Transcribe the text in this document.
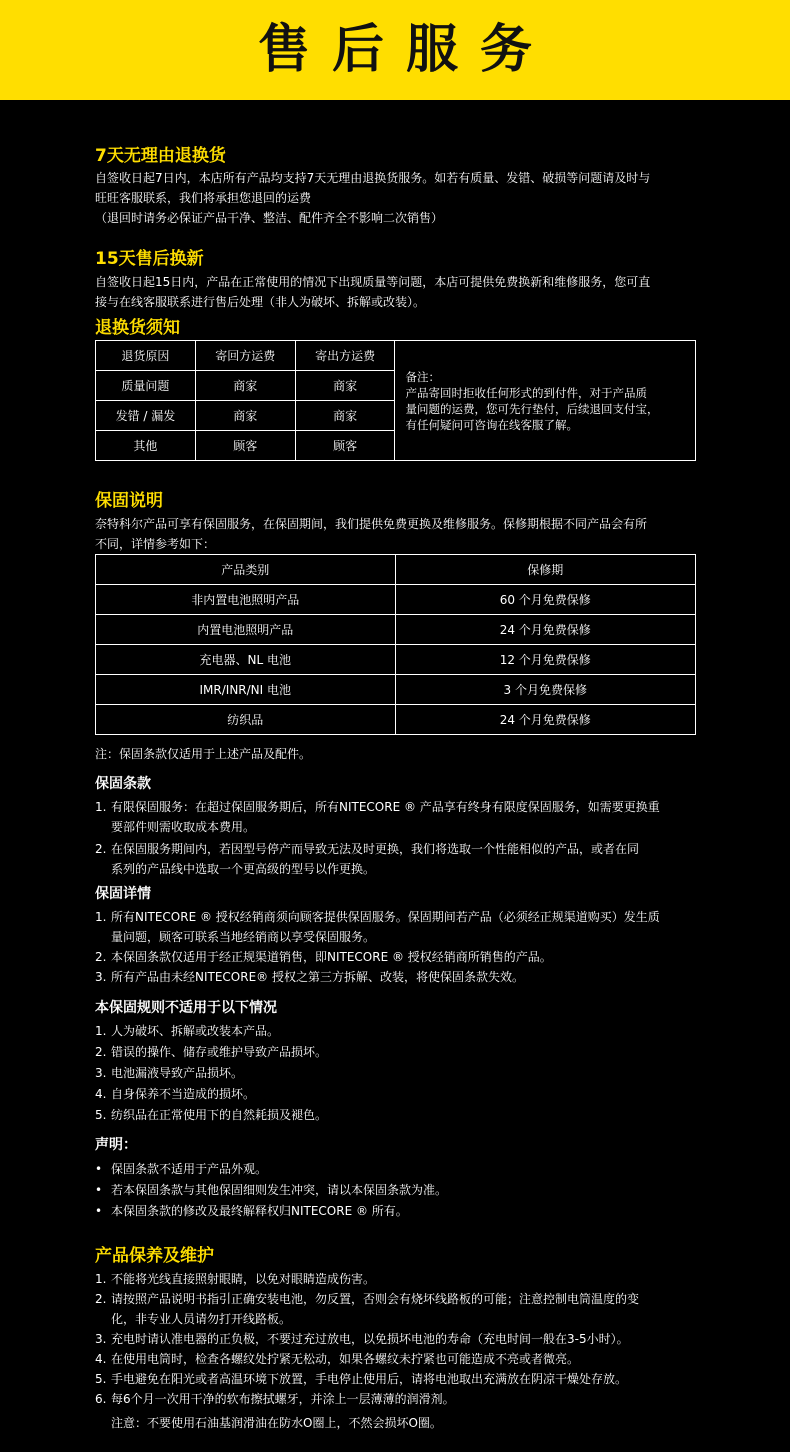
售后服务
7天无理由退换货

自签收日起7日内，本店所有产品均支持7天无理由退换货服务。如若有质量、发错、破损等问题请及时与

旺旺客服联系，我们将承担您退回的运费

（退回时请务必保证产品干净、整洁、配件齐全不影响二次销售）

15天售后换新

自签收日起15日内，产品在正常使用的情况下出现质量等问题，本店可提供免费换新和维修服务，您可直

接与在线客服联系进行售后处理（非人为破坏、拆解或改装）。

退换货须知
退货原因	寄回方运费	寄出方运费	备注：
产品寄回时拒收任何形式的到付件，对于产品质
量问题的运费，您可先行垫付，后续退回支付宝，
有任何疑问可咨询在线客服了解。

质量问题	商家	商家	
发错 / 漏发	商家	商家	
其他	顾客	顾客	
保固说明

奈特科尔产品可享有保固服务，在保固期间，我们提供免费更换及维修服务。保修期根据不同产品会有所

不同，详情参考如下：

产品类别	保修期
非内置电池照明产品	60 个月免费保修
内置电池照明产品	24 个月免费保修
充电器、NL 电池	12 个月免费保修
IMR/INR/NI 电池	3 个月免费保修
纺织品	24 个月免费保修
注：保固条款仅适用于上述产品及配件。
保固条款
1. 有限保固服务：在超过保固服务期后，所有NITECORE ® 产品享有终身有限度保固服务，如需要更换重
要部件则需收取成本费用。
2. 在保固服务期间内，若因型号停产而导致无法及时更换，我们将选取一个性能相似的产品，或者在同
系列的产品线中选取一个更高级的型号以作更换。
保固详情
1. 所有NITECORE ® 授权经销商须向顾客提供保固服务。保固期间若产品（必须经正规渠道购买）发生质
量问题，顾客可联系当地经销商以享受保固服务。
2. 本保固条款仅适用于经正规渠道销售，即NITECORE ® 授权经销商所销售的产品。
3. 所有产品由未经NITECORE® 授权之第三方拆解、改装，将使保固条款失效。
本保固规则不适用于以下情况
1. 人为破坏、拆解或改装本产品。
2. 错误的操作、储存或维护导致产品损坏。
3. 电池漏液导致产品损坏。
4. 自身保养不当造成的损坏。
5. 纺织品在正常使用下的自然耗损及褪色。
声明：
• 保固条款不适用于产品外观。
• 若本保固条款与其他保固细则发生冲突，请以本保固条款为准。
• 本保固条款的修改及最终解释权归NITECORE ® 所有。
产品保养及维护
1. 不能将光线直接照射眼睛，以免对眼睛造成伤害。
2. 请按照产品说明书指引正确安装电池，勿反置，否则会有烧坏线路板的可能；注意控制电筒温度的变
化，非专业人员请勿打开线路板。
3. 充电时请认准电器的正负极，不要过充过放电，以免损坏电池的寿命（充电时间一般在3-5小时）。
4. 在使用电筒时，检查各螺纹处拧紧无松动，如果各螺纹未拧紧也可能造成不亮或者微亮。
5. 手电避免在阳光或者高温环境下放置，手电停止使用后，请将电池取出充满放在阴凉干燥处存放。
6. 每6个月一次用干净的软布擦拭螺牙，并涂上一层薄薄的润滑剂。
注意：不要使用石油基润滑油在防水O圈上，不然会损坏O圈。
